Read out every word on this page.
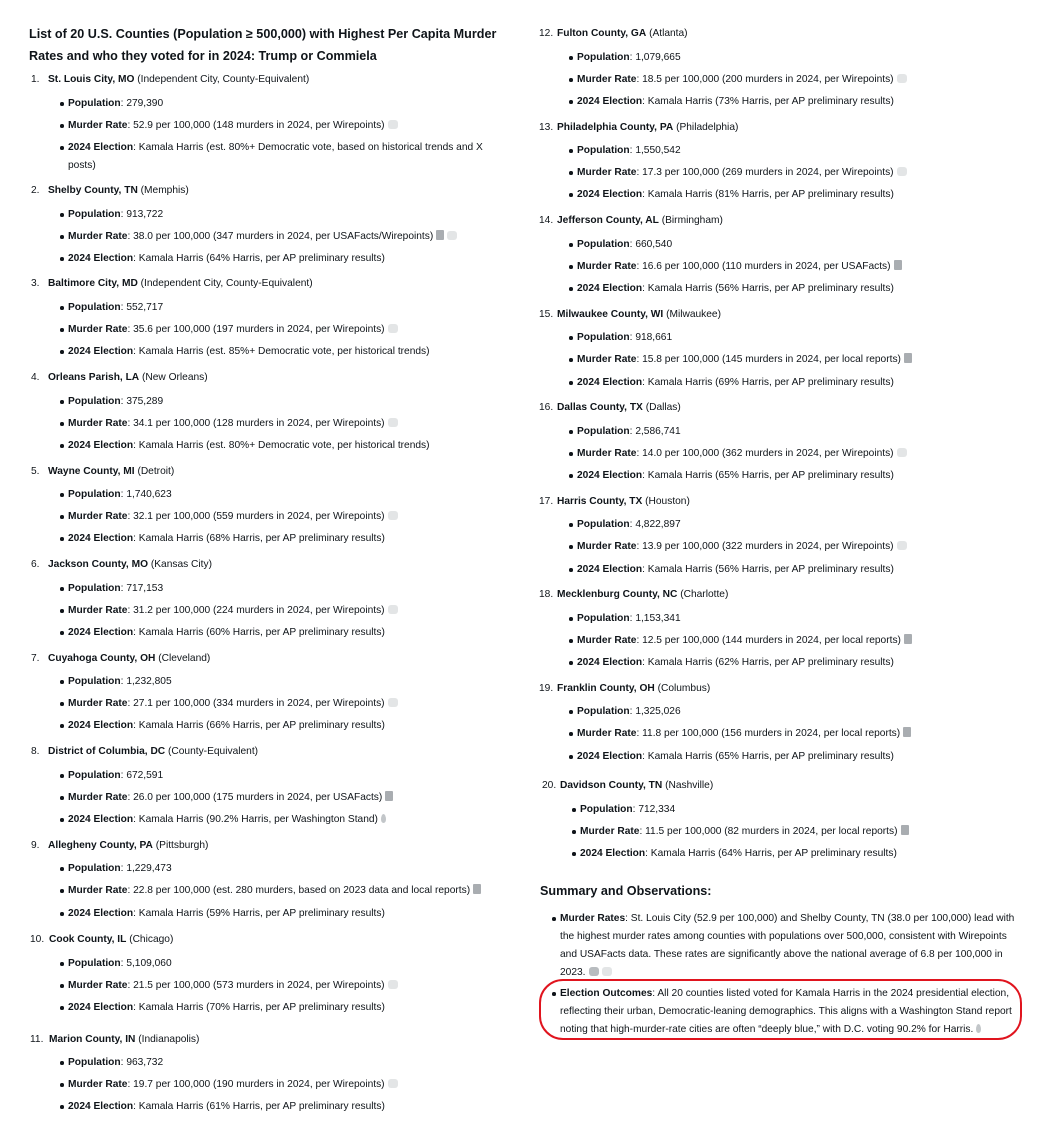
List of 20 U.S. Counties (Population ≥ 500,000) with Highest Per Capita Murder Rates and who they voted for in 2024: Trump or Commiela
1. St. Louis City, MO (Independent City, County-Equivalent)
Population: 279,390
Murder Rate: 52.9 per 100,000 (148 murders in 2024, per Wirepoints)
2024 Election: Kamala Harris (est. 80%+ Democratic vote, based on historical trends and X posts)
2. Shelby County, TN (Memphis)
Population: 913,722
Murder Rate: 38.0 per 100,000 (347 murders in 2024, per USAFacts/Wirepoints)
2024 Election: Kamala Harris (64% Harris, per AP preliminary results)
3. Baltimore City, MD (Independent City, County-Equivalent)
Population: 552,717
Murder Rate: 35.6 per 100,000 (197 murders in 2024, per Wirepoints)
2024 Election: Kamala Harris (est. 85%+ Democratic vote, per historical trends)
4. Orleans Parish, LA (New Orleans)
Population: 375,289
Murder Rate: 34.1 per 100,000 (128 murders in 2024, per Wirepoints)
2024 Election: Kamala Harris (est. 80%+ Democratic vote, per historical trends)
5. Wayne County, MI (Detroit)
Population: 1,740,623
Murder Rate: 32.1 per 100,000 (559 murders in 2024, per Wirepoints)
2024 Election: Kamala Harris (68% Harris, per AP preliminary results)
6. Jackson County, MO (Kansas City)
Population: 717,153
Murder Rate: 31.2 per 100,000 (224 murders in 2024, per Wirepoints)
2024 Election: Kamala Harris (60% Harris, per AP preliminary results)
7. Cuyahoga County, OH (Cleveland)
Population: 1,232,805
Murder Rate: 27.1 per 100,000 (334 murders in 2024, per Wirepoints)
2024 Election: Kamala Harris (66% Harris, per AP preliminary results)
8. District of Columbia, DC (County-Equivalent)
Population: 672,591
Murder Rate: 26.0 per 100,000 (175 murders in 2024, per USAFacts)
2024 Election: Kamala Harris (90.2% Harris, per Washington Stand)
9. Allegheny County, PA (Pittsburgh)
Population: 1,229,473
Murder Rate: 22.8 per 100,000 (est. 280 murders, based on 2023 data and local reports)
2024 Election: Kamala Harris (59% Harris, per AP preliminary results)
10. Cook County, IL (Chicago)
Population: 5,109,060
Murder Rate: 21.5 per 100,000 (573 murders in 2024, per Wirepoints)
2024 Election: Kamala Harris (70% Harris, per AP preliminary results)
11. Marion County, IN (Indianapolis)
Population: 963,732
Murder Rate: 19.7 per 100,000 (190 murders in 2024, per Wirepoints)
2024 Election: Kamala Harris (61% Harris, per AP preliminary results)
12. Fulton County, GA (Atlanta)
Population: 1,079,665
Murder Rate: 18.5 per 100,000 (200 murders in 2024, per Wirepoints)
2024 Election: Kamala Harris (73% Harris, per AP preliminary results)
13. Philadelphia County, PA (Philadelphia)
Population: 1,550,542
Murder Rate: 17.3 per 100,000 (269 murders in 2024, per Wirepoints)
2024 Election: Kamala Harris (81% Harris, per AP preliminary results)
14. Jefferson County, AL (Birmingham)
Population: 660,540
Murder Rate: 16.6 per 100,000 (110 murders in 2024, per USAFacts)
2024 Election: Kamala Harris (56% Harris, per AP preliminary results)
15. Milwaukee County, WI (Milwaukee)
Population: 918,661
Murder Rate: 15.8 per 100,000 (145 murders in 2024, per local reports)
2024 Election: Kamala Harris (69% Harris, per AP preliminary results)
16. Dallas County, TX (Dallas)
Population: 2,586,741
Murder Rate: 14.0 per 100,000 (362 murders in 2024, per Wirepoints)
2024 Election: Kamala Harris (65% Harris, per AP preliminary results)
17. Harris County, TX (Houston)
Population: 4,822,897
Murder Rate: 13.9 per 100,000 (322 murders in 2024, per Wirepoints)
2024 Election: Kamala Harris (56% Harris, per AP preliminary results)
18. Mecklenburg County, NC (Charlotte)
Population: 1,153,341
Murder Rate: 12.5 per 100,000 (144 murders in 2024, per local reports)
2024 Election: Kamala Harris (62% Harris, per AP preliminary results)
19. Franklin County, OH (Columbus)
Population: 1,325,026
Murder Rate: 11.8 per 100,000 (156 murders in 2024, per local reports)
2024 Election: Kamala Harris (65% Harris, per AP preliminary results)
20. Davidson County, TN (Nashville)
Population: 712,334
Murder Rate: 11.5 per 100,000 (82 murders in 2024, per local reports)
2024 Election: Kamala Harris (64% Harris, per AP preliminary results)
Summary and Observations:
Murder Rates: St. Louis City (52.9 per 100,000) and Shelby County, TN (38.0 per 100,000) lead with the highest murder rates among counties with populations over 500,000, consistent with Wirepoints and USAFacts data. These rates are significantly above the national average of 6.8 per 100,000 in 2023.
Election Outcomes: All 20 counties listed voted for Kamala Harris in the 2024 presidential election, reflecting their urban, Democratic-leaning demographics. This aligns with a Washington Stand report noting that high-murder-rate cities are often “deeply blue,” with D.C. voting 90.2% for Harris.
